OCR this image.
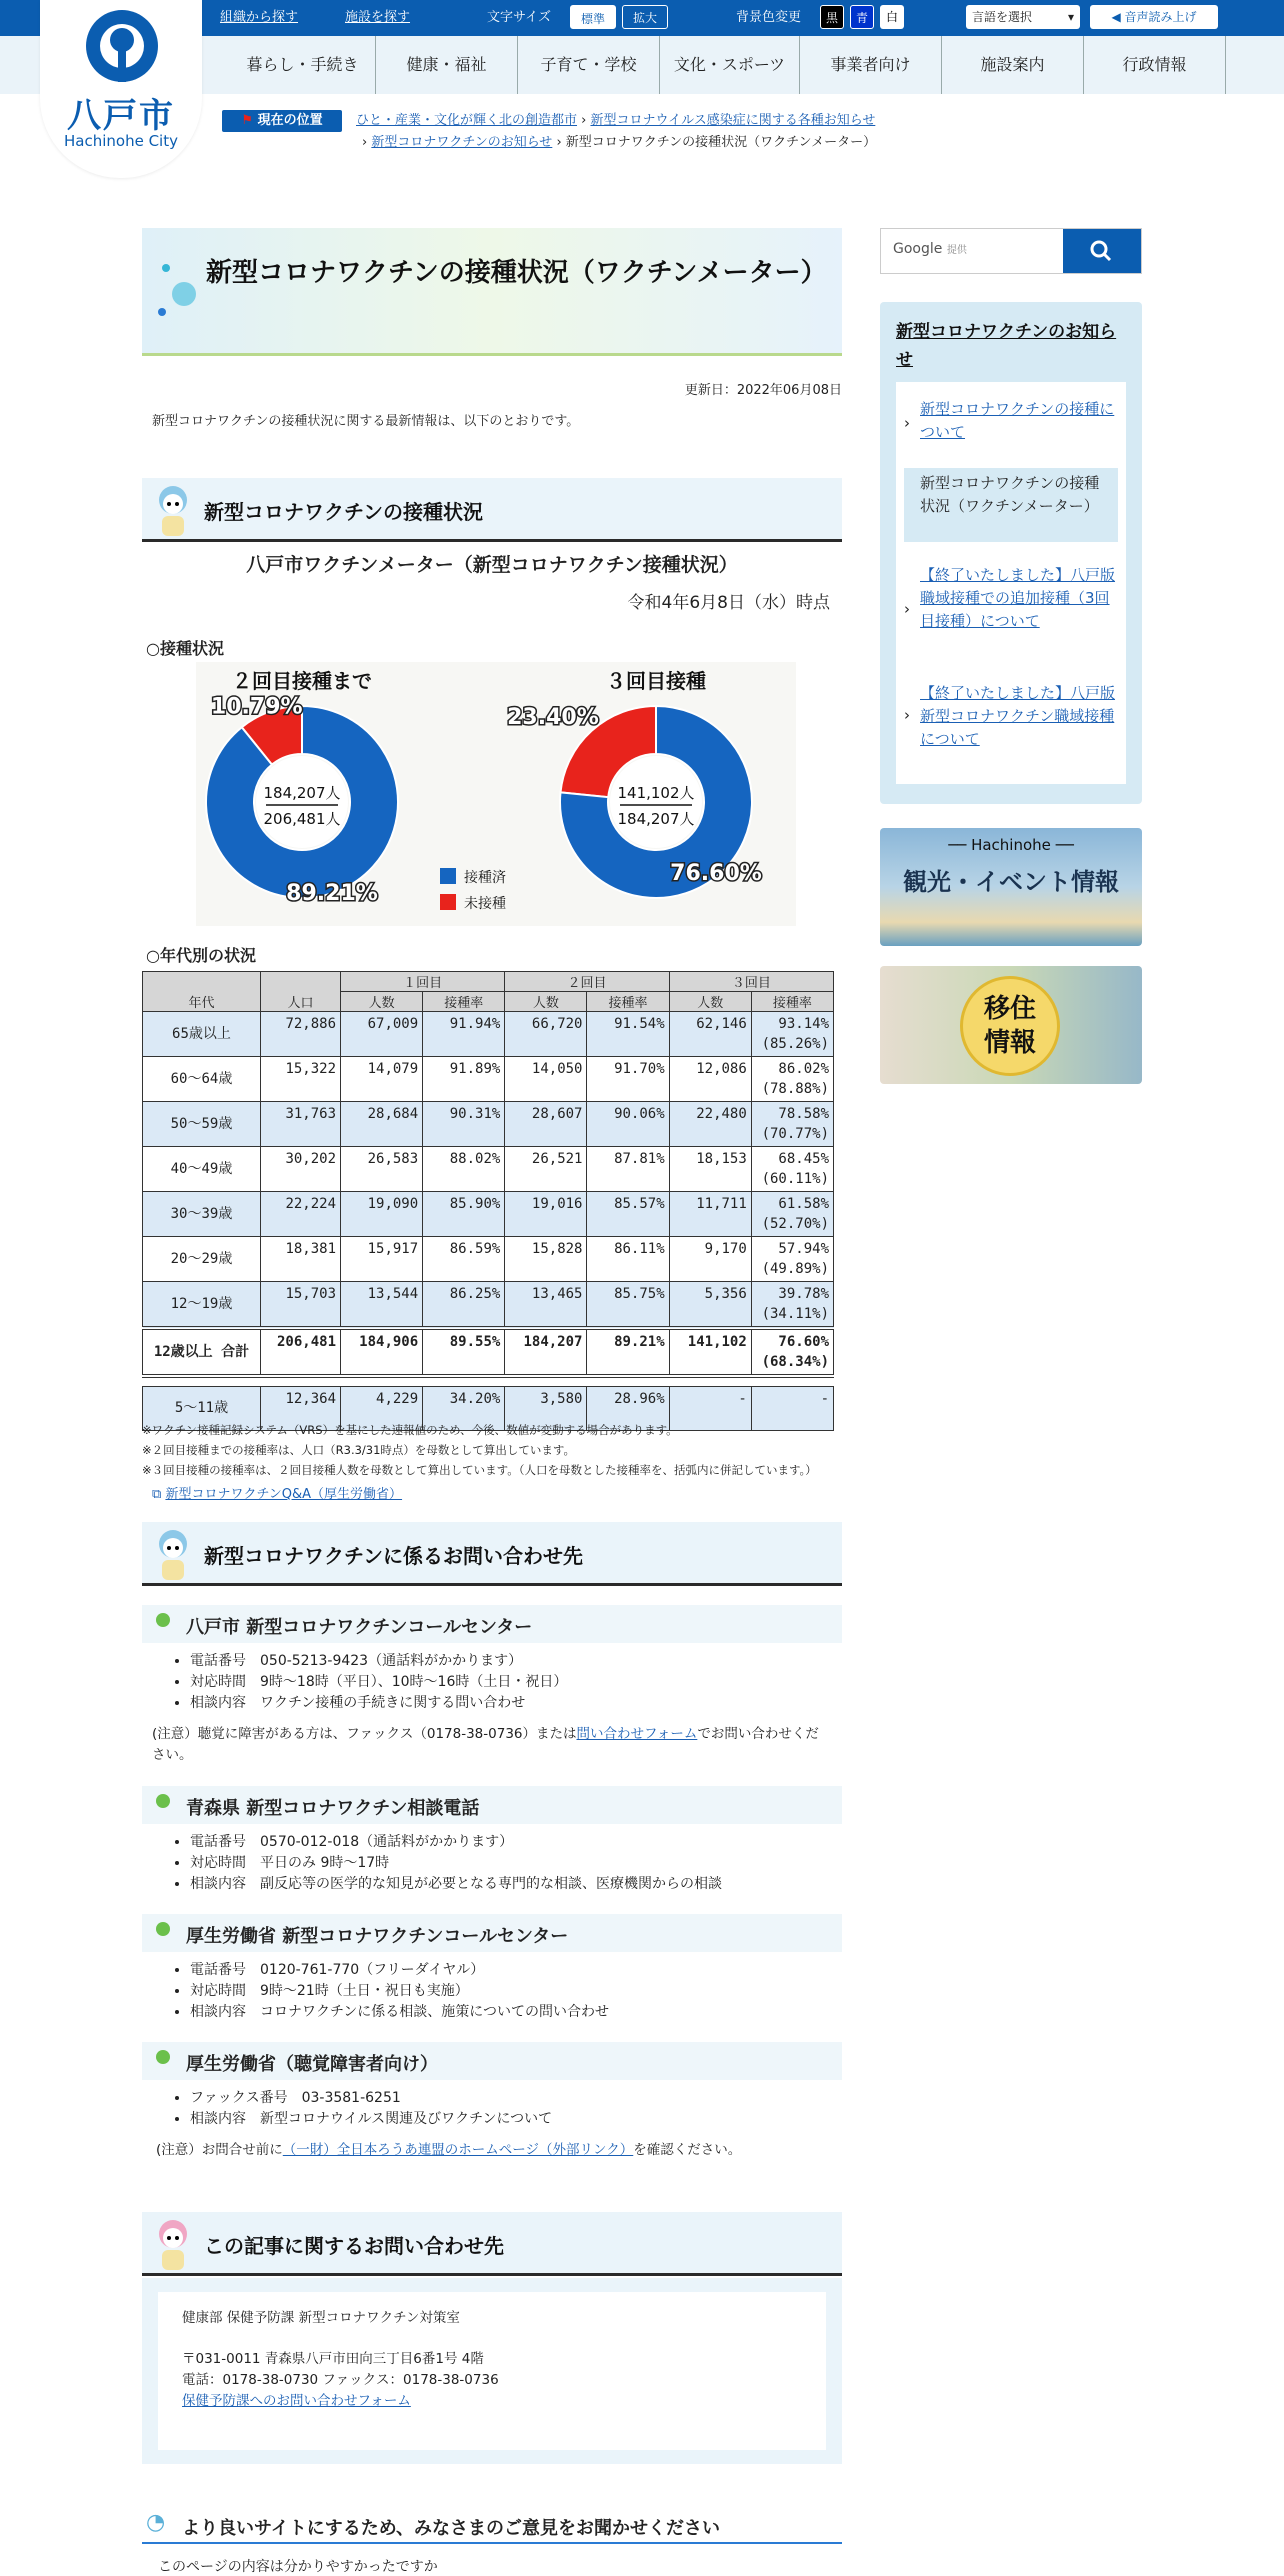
組織から探す	施設を探す	文字サイズ	標準	拡大	背景色変更	黒	青	白	言語を選択	▾	◀ 音声読み上げ
暮らし・手続き	健康・福祉	子育て・学校	文化・スポーツ	事業者向け	施設案内	行政情報
八戸市
Hachinohe City
⚑ 現在の位置	ひと・産業・文化が輝く北の創造都市 › 新型コロナウイルス感染症に関する各種お知らせ
› 新型コロナワクチンのお知らせ › 新型コロナワクチンの接種状況（ワクチンメーター）
新型コロナワクチンの接種状況（ワクチンメーター）
更新日：2022年06月08日
新型コロナワクチンの接種状況に関する最新情報は、以下のとおりです。
新型コロナワクチンの接種状況
八戸市ワクチンメーター（新型コロナワクチン接種状況）
令和4年6月8日（水）時点
○接種状況
２回目接種まで
184,207人
206,481人
10.79%
89.21%
３回目接種
141,102人
184,207人
23.40%
76.60%
接種済
未接種
○年代別の状況
年代	人口	１回目		２回目		３回目	
		人数	接種率	人数	接種率	人数	接種率
65歳以上	72,886	67,009	91.94%	66,720	91.54%	62,146	93.14%
(85.26%)
60～64歳	15,322	14,079	91.89%	14,050	91.70%	12,086	86.02%
(78.88%)
50～59歳	31,763	28,684	90.31%	28,607	90.06%	22,480	78.58%
(70.77%)
40～49歳	30,202	26,583	88.02%	26,521	87.81%	18,153	68.45%
(60.11%)
30～39歳	22,224	19,090	85.90%	19,016	85.57%	11,711	61.58%
(52.70%)
20～29歳	18,381	15,917	86.59%	15,828	86.11%	9,170	57.94%
(49.89%)
12～19歳	15,703	13,544	86.25%	13,465	85.75%	5,356	39.78%
(34.11%)
12歳以上 合計	206,481	184,906	89.55%	184,207	89.21%	141,102	76.60%
(68.34%)

5～11歳	12,364	4,229	34.20%	3,580	28.96%	-	-
※ワクチン接種記録システム（VRS）を基にした速報値のため、今後、数値が変動する場合があります。
※２回目接種までの接種率は、人口（R3.3/31時点）を母数として算出しています。
※３回目接種の接種率は、２回目接種人数を母数として算出しています。（人口を母数とした接種率を、括弧内に併記しています。）
⧉ 新型コロナワクチンQ&A（厚生労働省）
新型コロナワクチンに係るお問い合わせ先
八戸市 新型コロナワクチンコールセンター
• 電話番号　050-5213-9423（通話料がかかります）
• 対応時間　9時～18時（平日）、10時～16時（土日・祝日）
• 相談内容　ワクチン接種の手続きに関する問い合わせ
(注意）聴覚に障害がある方は、ファックス（0178-38-0736）または問い合わせフォームでお問い合わせください。
青森県 新型コロナワクチン相談電話
• 電話番号　0570-012-018（通話料がかかります）
• 対応時間　平日のみ 9時～17時
• 相談内容　副反応等の医学的な知見が必要となる専門的な相談、医療機関からの相談
厚生労働省 新型コロナワクチンコールセンター
• 電話番号　0120-761-770（フリーダイヤル）
• 対応時間　9時～21時（土日・祝日も実施）
• 相談内容　コロナワクチンに係る相談、施策についての問い合わせ
厚生労働省（聴覚障害者向け）
• ファックス番号　03-3581-6251
• 相談内容　新型コロナウイルス関連及びワクチンについて
(注意）お問合せ前に（一財）全日本ろうあ連盟のホームページ（外部リンク）を確認ください。
この記事に関するお問い合わせ先
健康部 保健予防課 新型コロナワクチン対策室
〒031-0011 青森県八戸市田向三丁目6番1号 4階
電話：0178-38-0730 ファックス：0178-38-0736
保健予防課へのお問い合わせフォーム
◔ より良いサイトにするため、みなさまのご意見をお聞かせください
このページの内容は分かりやすかったですか
Google 提供
新型コロナワクチンのお知らせ
›
新型コロナワクチンの接種について
新型コロナワクチンの接種状況（ワクチンメーター）
›
【終了いたしました】八戸版職域接種での追加接種（3回目接種）について
›
【終了いたしました】八戸版新型コロナワクチン職域接種について
── Hachinohe ──
観光・イベント情報
移住情報
